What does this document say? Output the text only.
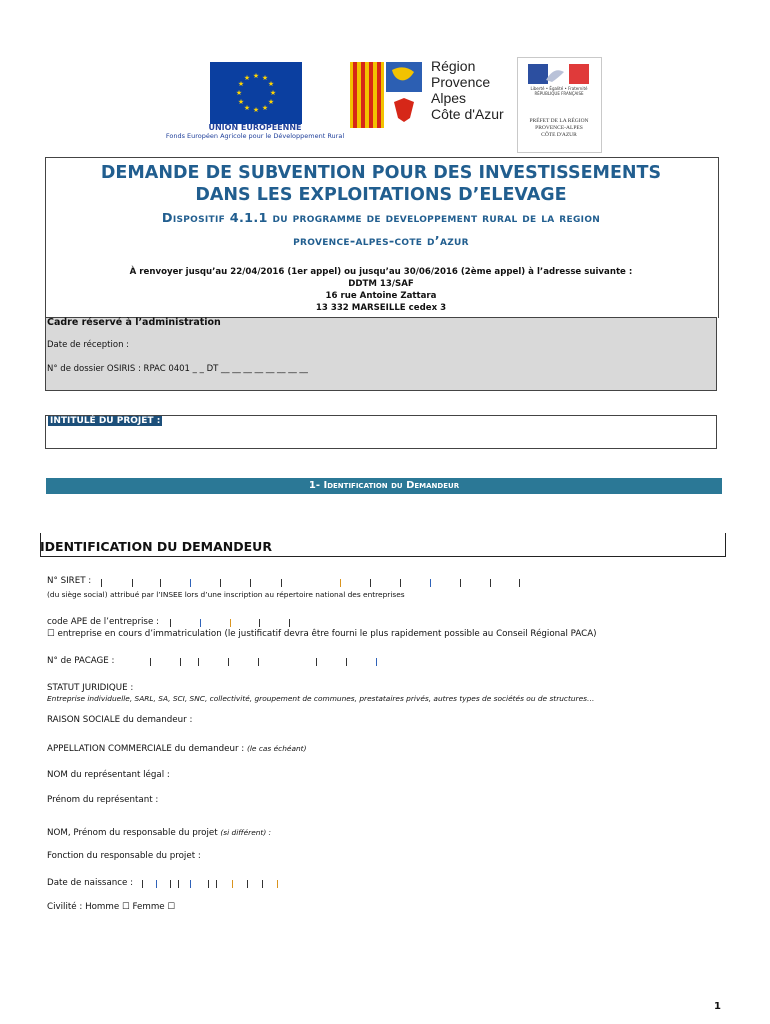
★ ★
★
★
★
★
★
★
★
★
★
★
UNION EUROPÉENNE
Fonds Européen Agricole pour le Développement Rural
Région
Provence
Alpes
Côte d'Azur
Liberté • Égalité • Fraternité
RÉPUBLIQUE FRANÇAISE
PRÉFET DE LA RÉGION
PROVENCE-ALPES
CÔTE D'AZUR
DEMANDE DE SUBVENTION POUR DES INVESTISSEMENTS
DANS LES EXPLOITATIONS D’ELEVAGE
Dispositif 4.1.1 du programme de developpement rural de la region
provence-alpes-cote d’azur
À renvoyer jusqu’au 22/04/2016 (1er appel) ou jusqu’au 30/06/2016 (2ème appel) à l’adresse suivante :
DDTM 13/SAF
16 rue Antoine Zattara
13 332 MARSEILLE cedex 3
Cadre réservé à l’administration
Date de réception :
N° de dossier OSIRIS : RPAC 0401 _ _ DT __ __ __ __ __ __ __ __
INTITULÉ DU PROJET :
1- Identification du Demandeur
IDENTIFICATION DU DEMANDEUR
N° SIRET :
(du siège social) attribué par l’INSEE lors d’une inscription au répertoire national des entreprises
code APE de l’entreprise :
☐ entreprise en cours d’immatriculation (le justificatif devra être fourni le plus rapidement possible au Conseil Régional PACA)
N° de PACAGE :
STATUT JURIDIQUE :
Entreprise individuelle, SARL, SA, SCI, SNC, collectivité, groupement de communes, prestataires privés, autres types de sociétés ou de structures…
RAISON SOCIALE du demandeur :
APPELLATION COMMERCIALE du demandeur : (le cas échéant)
NOM du représentant légal :
Prénom du représentant :
NOM, Prénom du responsable du projet (si différent) :
Fonction du responsable du projet :
Date de naissance :
Civilité : Homme ☐ Femme ☐
1
